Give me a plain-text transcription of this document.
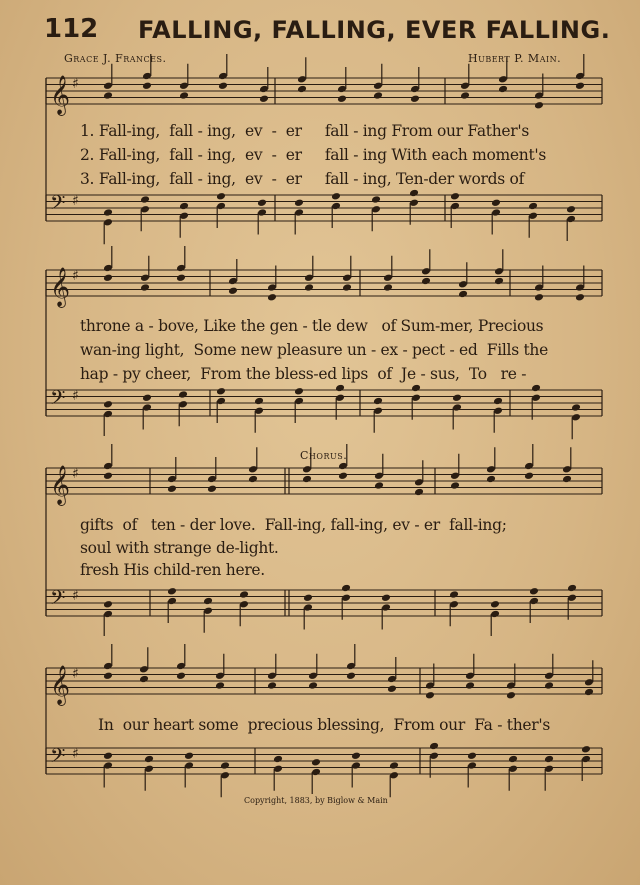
𝄞 ♯
𝄢 ♯
𝄞 ♯
𝄢 ♯
𝄞 ♯
𝄢 ♯
𝄞 ♯
𝄢 ♯
112 FALLING, FALLING, EVER FALLING.
Grace J. Frances.	Hubert P. Main.
1. Fall-ing,  fall - ing,  ev  -  er     fall - ing From our Father's
2. Fall-ing,  fall - ing,  ev  -  er     fall - ing With each moment's
3. Fall-ing,  fall - ing,  ev  -  er     fall - ing, Ten-der words of
throne a - bove, Like the gen - tle dew   of Sum-mer, Precious
wan-ing light,  Some new pleasure un - ex - pect - ed  Fills the
hap - py cheer,  From the bless-ed lips  of  Je - sus,  To   re -
Chorus.
gifts  of   ten - der love.  Fall-ing, fall-ing, ev - er  fall-ing;
soul with strange de-light.
fresh His child-ren here.
In  our heart some  precious blessing,  From our  Fa - ther's
Copyright, 1883, by Biglow & Main
